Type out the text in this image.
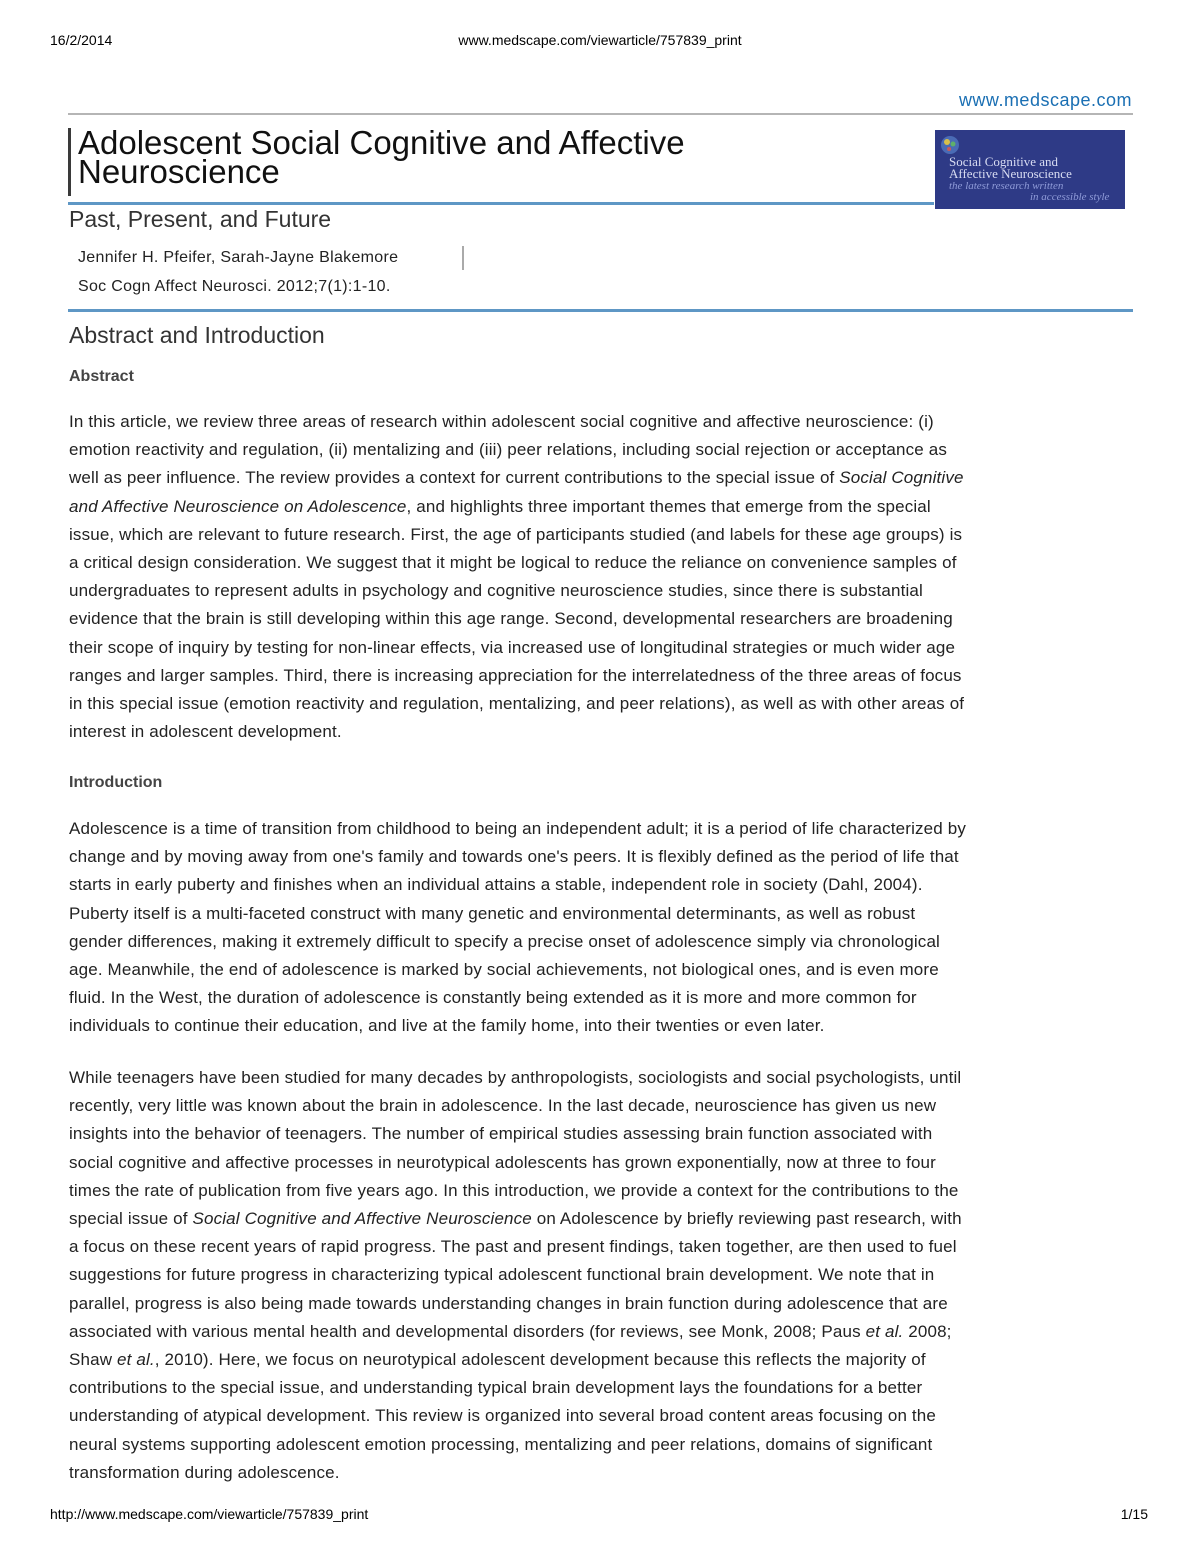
16/2/2014	www.medscape.com/viewarticle/757839_print
www.medscape.com
Adolescent Social Cognitive and Affective
Neuroscience	Social Cognitive and
Affective Neuroscience
the latest research written
in accessible style
Past, Present, and Future
Jennifer H. Pfeifer, Sarah-Jayne Blakemore
Soc Cogn Affect Neurosci. 2012;7(1):1-10.
Abstract and Introduction
Abstract

In this article, we review three areas of research within adolescent social cognitive and affective neuroscience: (i)
emotion reactivity and regulation, (ii) mentalizing and (iii) peer relations, including social rejection or acceptance as
well as peer influence. The review provides a context for current contributions to the special issue of Social Cognitive
and Affective Neuroscience on Adolescence, and highlights three important themes that emerge from the special
issue, which are relevant to future research. First, the age of participants studied (and labels for these age groups) is
a critical design consideration. We suggest that it might be logical to reduce the reliance on convenience samples of
undergraduates to represent adults in psychology and cognitive neuroscience studies, since there is substantial
evidence that the brain is still developing within this age range. Second, developmental researchers are broadening
their scope of inquiry by testing for non-linear effects, via increased use of longitudinal strategies or much wider age
ranges and larger samples. Third, there is increasing appreciation for the interrelatedness of the three areas of focus
in this special issue (emotion reactivity and regulation, mentalizing, and peer relations), as well as with other areas of
interest in adolescent development.

Introduction

Adolescence is a time of transition from childhood to being an independent adult; it is a period of life characterized by
change and by moving away from one's family and towards one's peers. It is flexibly defined as the period of life that
starts in early puberty and finishes when an individual attains a stable, independent role in society (Dahl, 2004).
Puberty itself is a multi-faceted construct with many genetic and environmental determinants, as well as robust
gender differences, making it extremely difficult to specify a precise onset of adolescence simply via chronological
age. Meanwhile, the end of adolescence is marked by social achievements, not biological ones, and is even more
fluid. In the West, the duration of adolescence is constantly being extended as it is more and more common for
individuals to continue their education, and live at the family home, into their twenties or even later.

While teenagers have been studied for many decades by anthropologists, sociologists and social psychologists, until
recently, very little was known about the brain in adolescence. In the last decade, neuroscience has given us new
insights into the behavior of teenagers. The number of empirical studies assessing brain function associated with
social cognitive and affective processes in neurotypical adolescents has grown exponentially, now at three to four
times the rate of publication from five years ago. In this introduction, we provide a context for the contributions to the
special issue of Social Cognitive and Affective Neuroscience on Adolescence by briefly reviewing past research, with
a focus on these recent years of rapid progress. The past and present findings, taken together, are then used to fuel
suggestions for future progress in characterizing typical adolescent functional brain development. We note that in
parallel, progress is also being made towards understanding changes in brain function during adolescence that are
associated with various mental health and developmental disorders (for reviews, see Monk, 2008; Paus et al. 2008;
Shaw et al., 2010). Here, we focus on neurotypical adolescent development because this reflects the majority of
contributions to the special issue, and understanding typical brain development lays the foundations for a better
understanding of atypical development. This review is organized into several broad content areas focusing on the
neural systems supporting adolescent emotion processing, mentalizing and peer relations, domains of significant
transformation during adolescence.

http://www.medscape.com/viewarticle/757839_print	1/15
